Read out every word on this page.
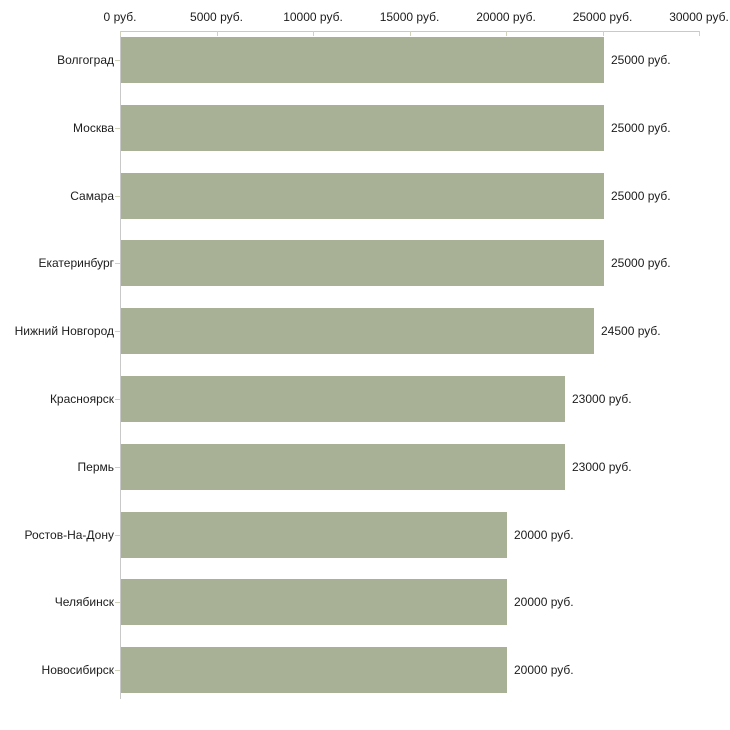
0 руб.	5000 руб.	10000 руб.	15000 руб.	20000 руб.	25000 руб.	30000 руб.
Волгоград	25000 руб.
Москва	25000 руб.
Самара	25000 руб.
Екатеринбург	25000 руб.
Нижний Новгород	24500 руб.
Красноярск	23000 руб.
Пермь	23000 руб.
Ростов-На-Дону	20000 руб.
Челябинск	20000 руб.
Новосибирск	20000 руб.
